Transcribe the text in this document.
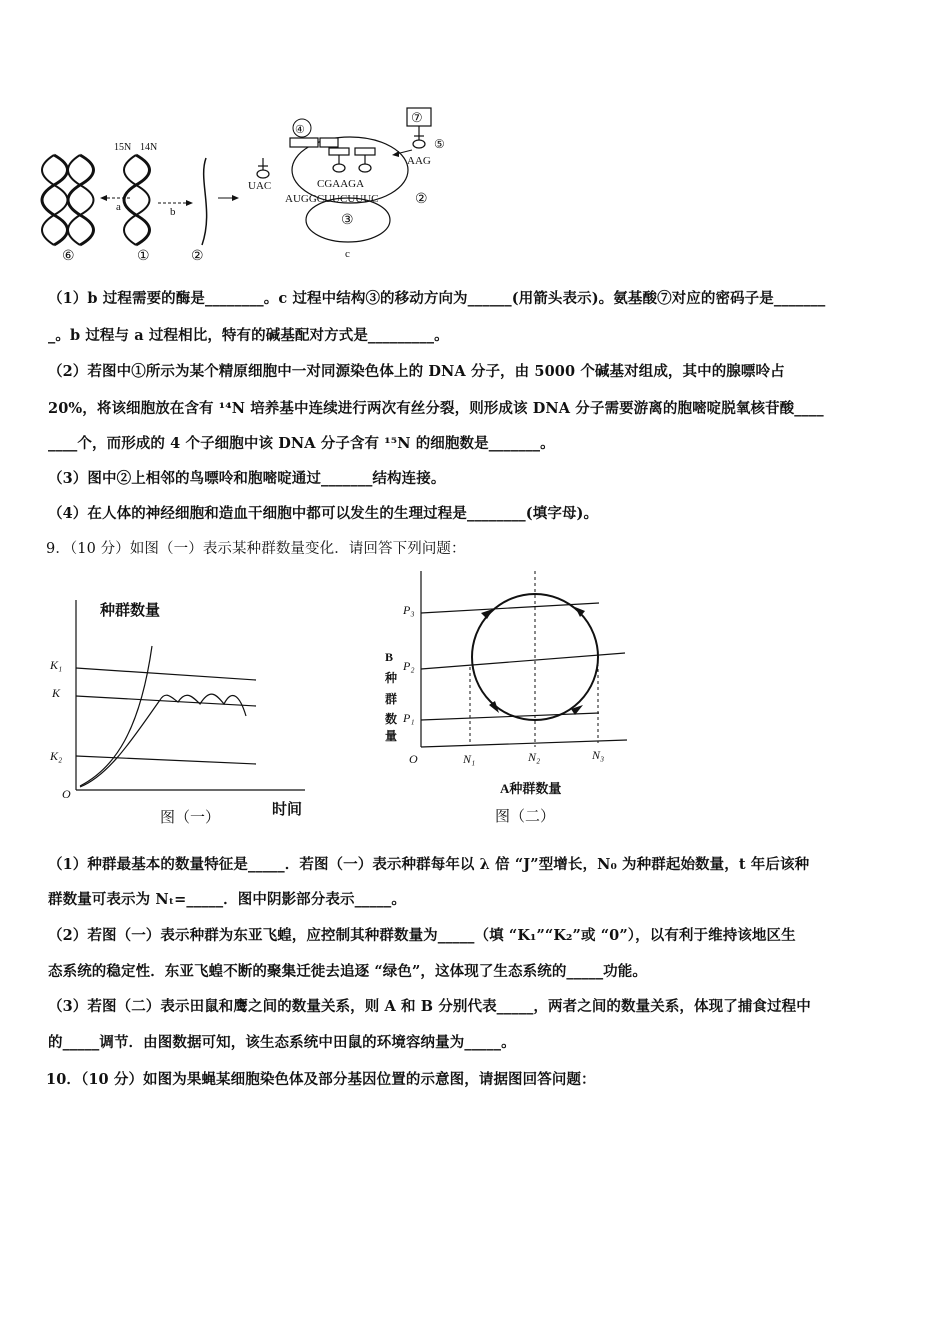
a
15N 14N
b
⑥	①	②
③
c
④
UAC	CGAAGA
AUGGCUUCUUUC	②
⑦
⑤
AAG
（1）b 过程需要的酶是________。c 过程中结构③的移动方向为______(用箭头表示)。氨基酸⑦对应的密码子是_______
_。b 过程与 a 过程相比，特有的碱基配对方式是_________。
（2）若图中①所示为某个精原细胞中一对同源染色体上的 DNA 分子，由 5000 个碱基对组成，其中的腺嘌呤占
20%，将该细胞放在含有 ¹⁴N 培养基中连续进行两次有丝分裂，则形成该 DNA 分子需要游离的胞嘧啶脱氧核苷酸____
____个，而形成的 4 个子细胞中该 DNA 分子含有 ¹⁵N 的细胞数是_______。
（3）图中②上相邻的鸟嘌呤和胞嘧啶通过_______结构连接。
（4）在人体的神经细胞和造血干细胞中都可以发生的生理过程是________(填字母)。
9．（10 分）如图（一）表示某种群数量变化．请回答下列问题：
种群数量
K₁
K
K₂
O
时间
图（一）
B
种
群
数
P₃
P₂
P₁
O	N₁	N₂	N₃
A种群数量
图（二）
量
（1）种群最基本的数量特征是_____．若图（一）表示种群每年以 λ 倍 “J”型增长，N₀ 为种群起始数量，t 年后该种
群数量可表示为 Nₜ=_____．图中阴影部分表示_____。
（2）若图（一）表示种群为东亚飞蝗，应控制其种群数量为_____（填 “K₁”“K₂”或 “0”），以有利于维持该地区生
态系统的稳定性．东亚飞蝗不断的聚集迁徙去追逐 “绿色”，这体现了生态系统的_____功能。
（3）若图（二）表示田鼠和鹰之间的数量关系，则 A 和 B 分别代表_____，两者之间的数量关系，体现了捕食过程中
的_____调节．由图数据可知，该生态系统中田鼠的环境容纳量为_____。
10．（10 分）如图为果蝇某细胞染色体及部分基因位置的示意图，请据图回答问题：
